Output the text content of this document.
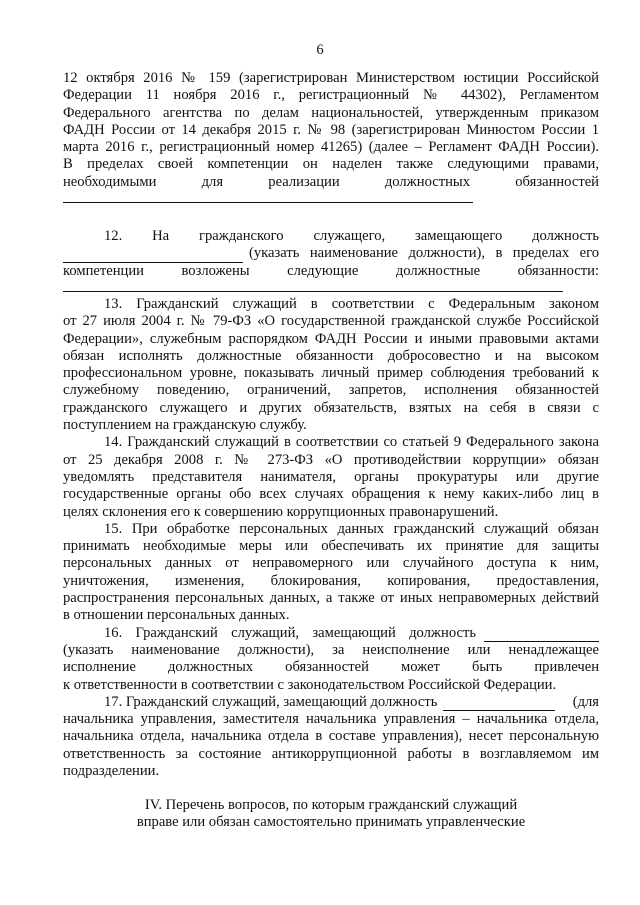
6
12 октября 2016 № 159 (зарегистрирован Министерством юстиции Российской
Федерации 11 ноября 2016 г., регистрационный № 44302), Регламентом
Федерального агентства по делам национальностей, утвержденным приказом
ФАДН России от 14 декабря 2015 г. № 98 (зарегистрирован Минюстом России 1
марта 2016 г., регистрационный номер 41265) (далее – Регламент ФАДН России).
В пределах своей компетенции он наделен также следующими правами,
необходимыми для реализации должностных обязанностей
12. На гражданского служащего, замещающего должность
(указать наименование должности), в пределах его
компетенции возложены следующие должностные обязанности:
13. Гражданский служащий в соответствии с Федеральным законом
от 27 июля 2004 г. № 79-ФЗ «О государственной гражданской службе Российской
Федерации», служебным распорядком ФАДН России и иными правовыми актами
обязан исполнять должностные обязанности добросовестно и на высоком
профессиональном уровне, показывать личный пример соблюдения требований к
служебному поведению, ограничений, запретов, исполнения обязанностей
гражданского служащего и других обязательств, взятых на себя в связи с
поступлением на гражданскую службу.
14. Гражданский служащий в соответствии со статьей 9 Федерального закона
от 25 декабря 2008 г. № 273-ФЗ «О противодействии коррупции» обязан
уведомлять представителя нанимателя, органы прокуратуры или другие
государственные органы обо всех случаях обращения к нему каких-либо лиц в
целях склонения его к совершению коррупционных правонарушений.
15. При обработке персональных данных гражданский служащий обязан
принимать необходимые меры или обеспечивать их принятие для защиты
персональных данных от неправомерного или случайного доступа к ним,
уничтожения, изменения, блокирования, копирования, предоставления,
распространения персональных данных, а также от иных неправомерных действий
в отношении персональных данных.
16. Гражданский служащий, замещающий должность
(указать наименование должности), за неисполнение или ненадлежащее
исполнение должностных обязанностей может быть привлечен
к ответственности в соответствии с законодательством Российской Федерации.
17. Гражданский служащий, замещающий должность	(для
начальника управления, заместителя начальника управления – начальника отдела,
начальника отдела, начальника отдела в составе управления), несет персональную
ответственность за состояние антикоррупционной работы в возглавляемом им
подразделении.
IV. Перечень вопросов, по которым гражданский служащий
вправе или обязан самостоятельно принимать управленческие
